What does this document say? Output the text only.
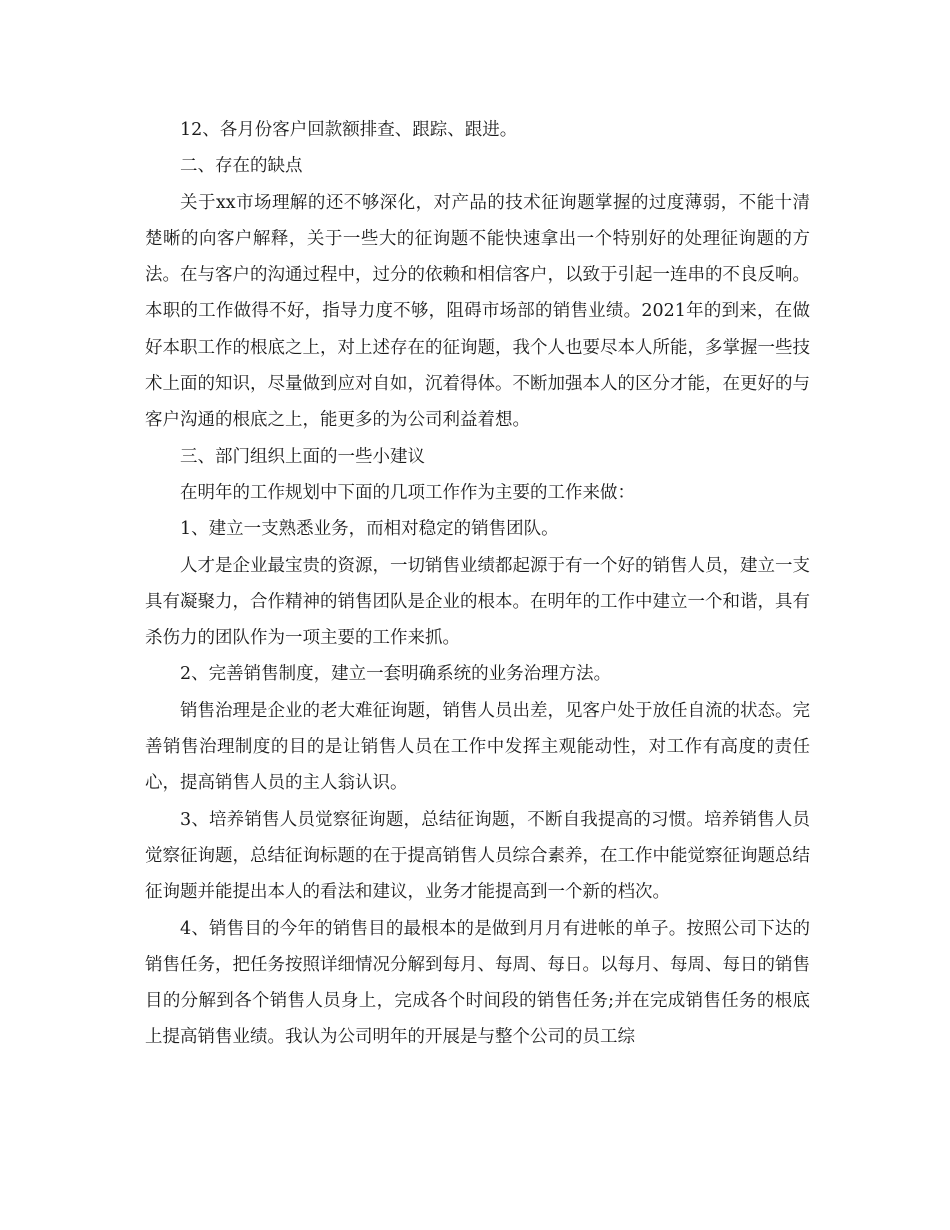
12、各月份客户回款额排查、跟踪、跟进。

二、存在的缺点

关于xx市场理解的还不够深化，对产品的技术征询题掌握的过度薄弱，不能十清楚晰的向客户解释，关于一些大的征询题不能快速拿出一个特别好的处理征询题的方法。在与客户的沟通过程中，过分的依赖和相信客户，以致于引起一连串的不良反响。本职的工作做得不好，指导力度不够，阻碍市场部的销售业绩。2021年的到来，在做好本职工作的根底之上，对上述存在的征询题，我个人也要尽本人所能，多掌握一些技术上面的知识，尽量做到应对自如，沉着得体。不断加强本人的区分才能，在更好的与客户沟通的根底之上，能更多的为公司利益着想。

三、部门组织上面的一些小建议

在明年的工作规划中下面的几项工作作为主要的工作来做：

1、建立一支熟悉业务，而相对稳定的销售团队。

人才是企业最宝贵的资源，一切销售业绩都起源于有一个好的销售人员，建立一支具有凝聚力，合作精神的销售团队是企业的根本。在明年的工作中建立一个和谐，具有杀伤力的团队作为一项主要的工作来抓。

2、完善销售制度，建立一套明确系统的业务治理方法。

销售治理是企业的老大难征询题，销售人员出差，见客户处于放任自流的状态。完善销售治理制度的目的是让销售人员在工作中发挥主观能动性，对工作有高度的责任心，提高销售人员的主人翁认识。

3、培养销售人员觉察征询题，总结征询题，不断自我提高的习惯。培养销售人员觉察征询题，总结征询标题的在于提高销售人员综合素养，在工作中能觉察征询题总结征询题并能提出本人的看法和建议，业务才能提高到一个新的档次。

4、销售目的今年的销售目的最根本的是做到月月有进帐的单子。按照公司下达的销售任务，把任务按照详细情况分解到每月、每周、每日。以每月、每周、每日的销售目的分解到各个销售人员身上，完成各个时间段的销售任务;并在完成销售任务的根底上提高销售业绩。我认为公司明年的开展是与整个公司的员工综
